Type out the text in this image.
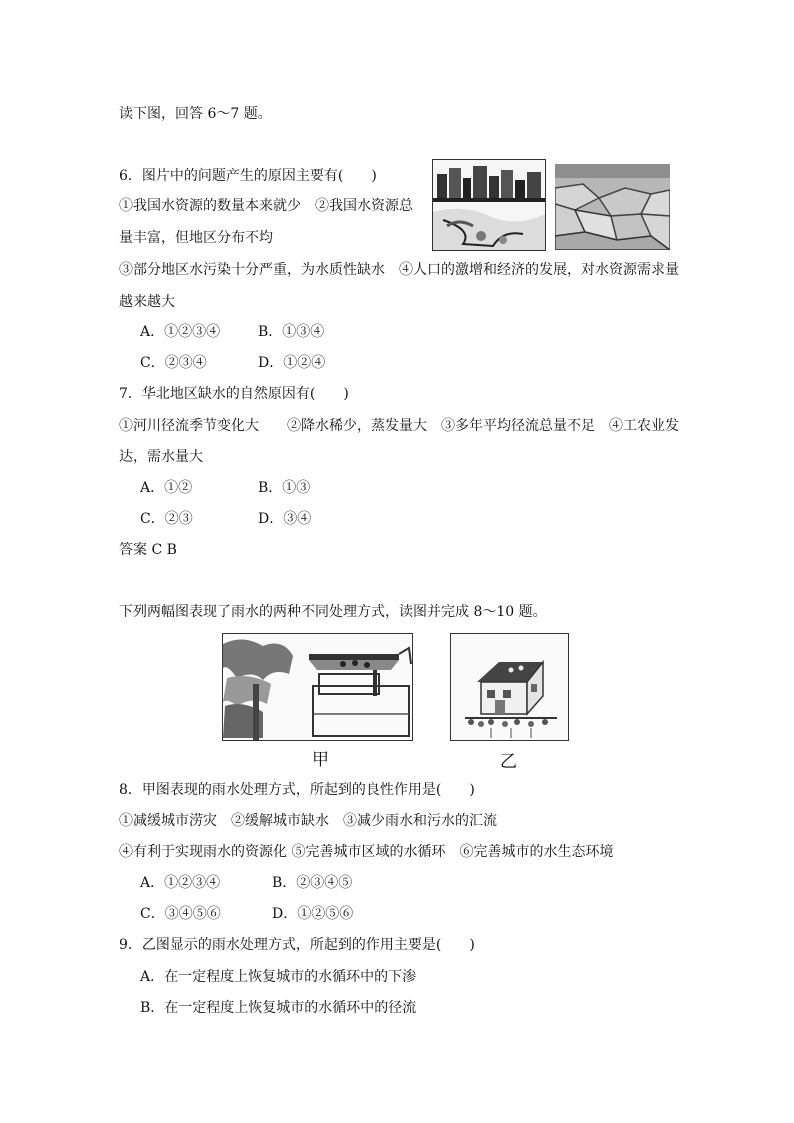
读下图，回答 6～7 题。
6．图片中的问题产生的原因主要有(　　)
①我国水资源的数量本来就少　②我国水资源总
量丰富，但地区分布不均
③部分地区水污染十分严重，为水质性缺水　④人口的激增和经济的发展，对水资源需求量
越来越大
A．①②③④	B．①③④
C．②③④	D．①②④
7．华北地区缺水的自然原因有(　　)
①河川径流季节变化大　　②降水稀少，蒸发量大　③多年平均径流总量不足　④工农业发
达，需水量大
A．①②	B．①③
C．②③	D．③④
答案 C B
下列两幅图表现了雨水的两种不同处理方式，读图并完成 8～10 题。
甲	乙
8．甲图表现的雨水处理方式，所起到的良性作用是(　　)
①减缓城市涝灾　②缓解城市缺水　③减少雨水和污水的汇流
④有利于实现雨水的资源化 ⑤完善城市区域的水循环　⑥完善城市的水生态环境
A．①②③④	B．②③④⑤
C．③④⑤⑥	D．①②⑤⑥
9．乙图显示的雨水处理方式，所起到的作用主要是(　　)
A．在一定程度上恢复城市的水循环中的下渗
B．在一定程度上恢复城市的水循环中的径流
